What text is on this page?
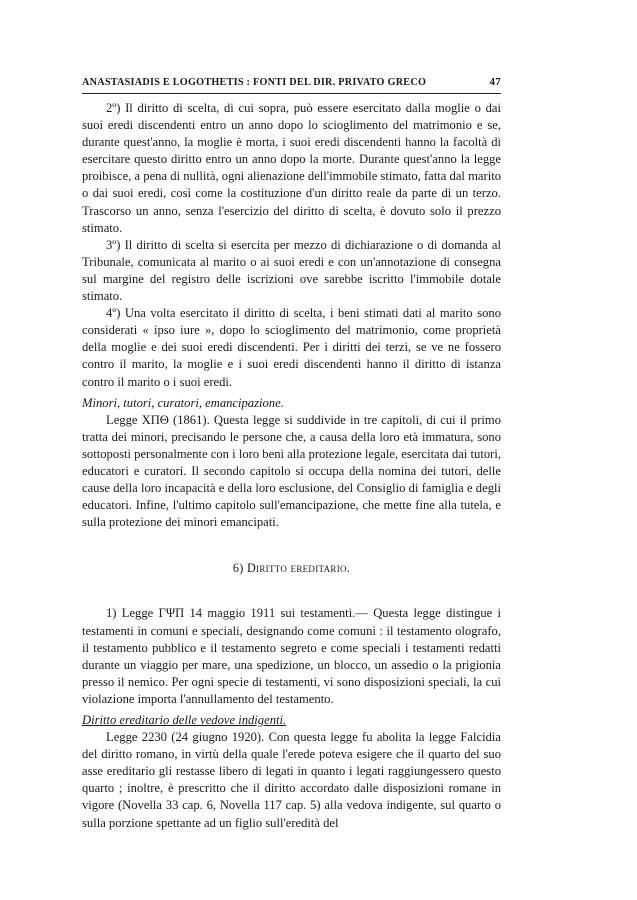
ANASTASIADIS E LOGOTHETIS : FONTI DEL DIR. PRIVATO GRECO	47

2º) Il diritto di scelta, di cui sopra, può essere esercitato dalla moglie o dai suoi eredi discendenti entro un anno dopo lo scioglimento del matrimonio e se, durante quest'anno, la moglie è morta, i suoi eredi discendenti hanno la facoltà di esercitare questo diritto entro un anno dopo la morte. Durante quest'anno la legge proibisce, a pena di nullità, ogni alienazione dell'immobile stimato, fatta dal marito o dai suoi eredi, così come la costituzione d'un diritto reale da parte di un terzo. Trascorso un anno, senza l'esercizio del diritto di scelta, è dovuto solo il prezzo stimato.

3º) Il diritto di scelta si esercita per mezzo di dichiarazione o di domanda al Tribunale, comunicata al marito o ai suoi eredi e con un'annotazione di consegna sul margine del registro delle iscrizioni ove sarebbe iscritto l'immobile dotale stimato.

4º) Una volta esercitato il diritto di scelta, i beni stimati dati al marito sono considerati « ipso iure », dopo lo scioglimento del matrimonio, come proprietà della moglie e dei suoi eredi discendenti. Per i diritti dei terzi, se ve ne fossero contro il marito, la moglie e i suoi eredi discendenti hanno il diritto di istanza contro il marito o i suoi eredi.

Minori, tutori, curatori, emancipazione.

Legge ΧΠΘ (1861). Questa legge si suddivide in tre capitoli, di cui il primo tratta dei minori, precisando le persone che, a causa della loro età immatura, sono sottoposti personalmente con i loro beni alla protezione legale, esercitata dai tutori, educatori e curatori. Il secondo capitolo si occupa della nomina dei tutori, delle cause della loro incapacità e della loro esclusione, del Consiglio di famiglia e degli educatori. Infine, l'ultimo capitolo sull'emancipazione, che mette fine alla tutela, e sulla protezione dei minori emancipati.

6) Diritto ereditario.

1) Legge ΓΨΠ 14 maggio 1911 sui testamenti.— Questa legge distingue i testamenti in comuni e speciali, designando come comuni : il testamento olografo, il testamento pubblico e il testamento segreto e come speciali i testamenti redatti durante un viaggio per mare, una spedizione, un blocco, un assedio o la prigionia presso il nemico. Per ogni specie di testamenti, vi sono disposizioni speciali, la cui violazione importa l'annullamento del testamento.

Diritto ereditario delle vedove indigenti.

Legge 2230 (24 giugno 1920). Con questa legge fu abolita la legge Falcidia del diritto romano, in virtù della quale l'erede poteva esigere che il quarto del suo asse ereditario gli restasse libero di legati in quanto i legati raggiungessero questo quarto ; inoltre, è prescritto che il diritto accordato dalle disposizioni romane in vigore (Novella 33 cap. 6, Novella 117 cap. 5) alla vedova indigente, sul quarto o sulla porzione spettante ad un figlio sull'eredità del
